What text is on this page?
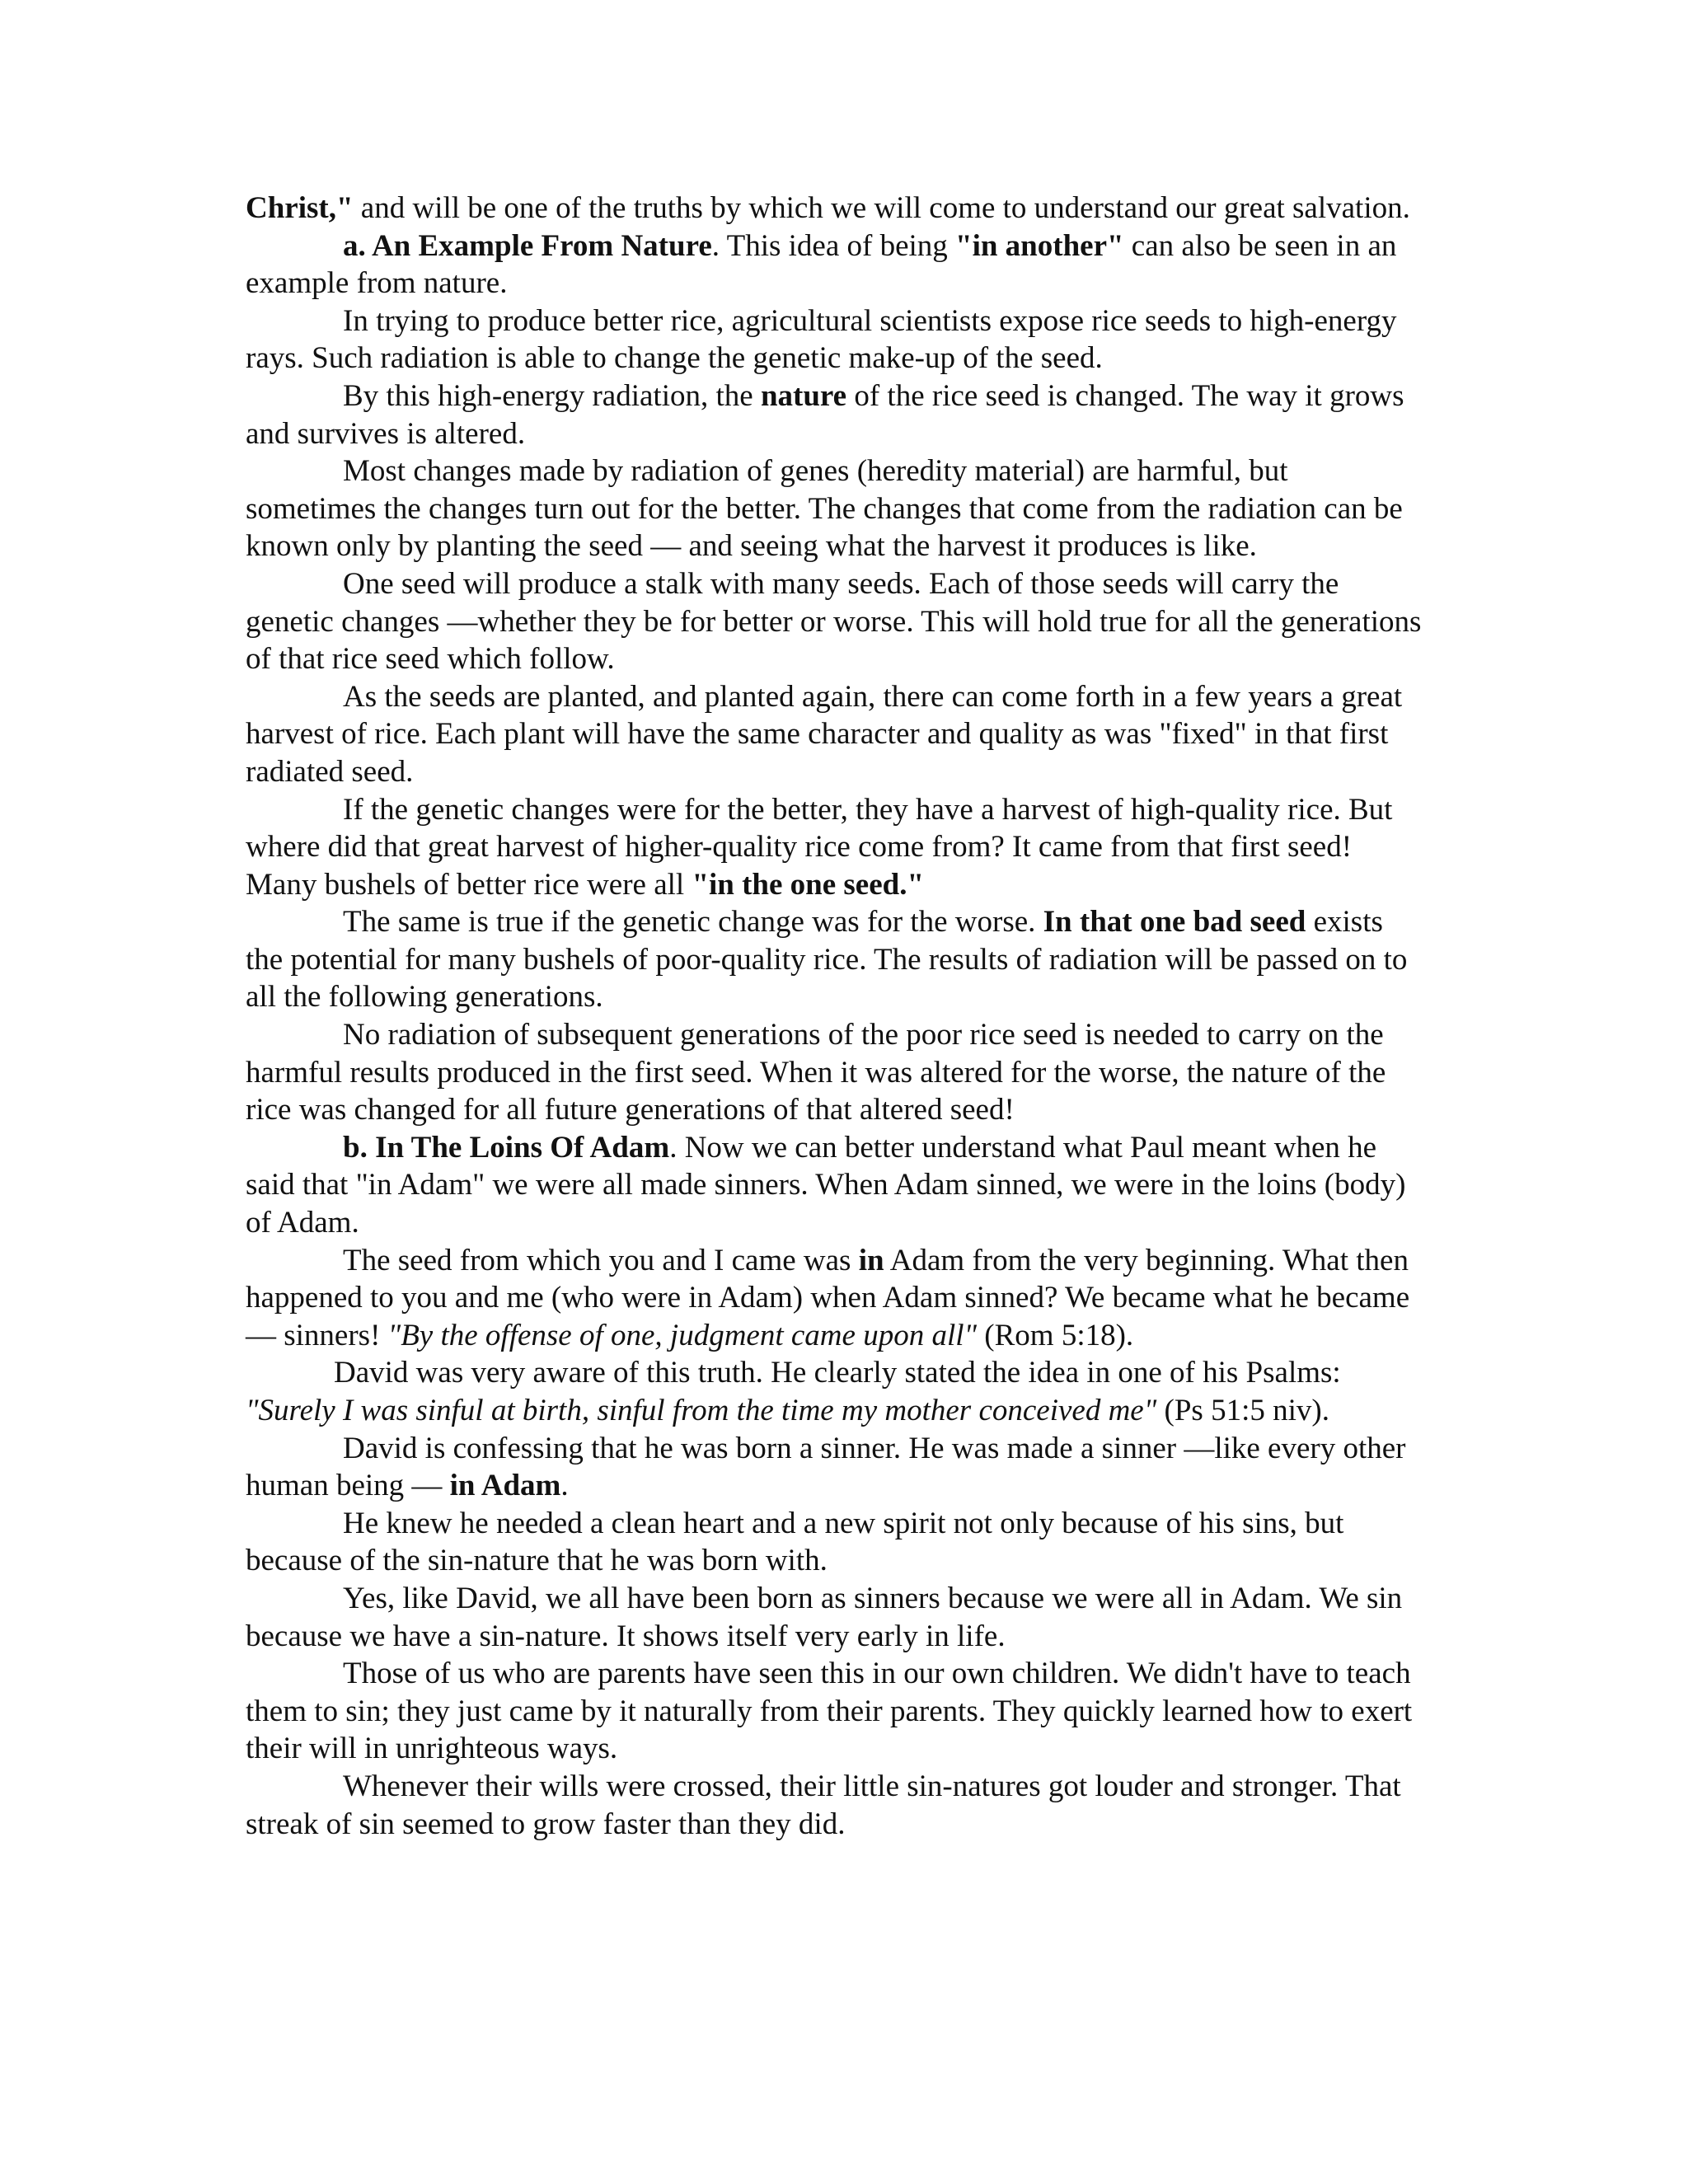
Christ," and will be one of the truths by which we will come to understand our great salvation.

a. An Example From Nature. This idea of being "in another" can also be seen in an example from nature.

In trying to produce better rice, agricultural scientists expose rice seeds to high-energy rays. Such radiation is able to change the genetic make-up of the seed.

By this high-energy radiation, the nature of the rice seed is changed. The way it grows and survives is altered.

Most changes made by radiation of genes (heredity material) are harmful, but sometimes the changes turn out for the better. The changes that come from the radiation can be known only by planting the seed — and seeing what the harvest it produces is like.

One seed will produce a stalk with many seeds. Each of those seeds will carry the genetic changes —whether they be for better or worse. This will hold true for all the generations of that rice seed which follow.

As the seeds are planted, and planted again, there can come forth in a few years a great harvest of rice. Each plant will have the same character and quality as was "fixed" in that first radiated seed.

If the genetic changes were for the better, they have a harvest of high-quality rice. But where did that great harvest of higher-quality rice come from? It came from that first seed! Many bushels of better rice were all "in the one seed."

The same is true if the genetic change was for the worse. In that one bad seed exists the potential for many bushels of poor-quality rice. The results of radiation will be passed on to all the following generations.

No radiation of subsequent generations of the poor rice seed is needed to carry on the harmful results produced in the first seed. When it was altered for the worse, the nature of the rice was changed for all future generations of that altered seed!

b. In The Loins Of Adam. Now we can better understand what Paul meant when he said that "in Adam" we were all made sinners. When Adam sinned, we were in the loins (body) of Adam.

The seed from which you and I came was in Adam from the very beginning. What then happened to you and me (who were in Adam) when Adam sinned? We became what he became — sinners! "By the offense of one, judgment came upon all" (Rom 5:18).

David was very aware of this truth. He clearly stated the idea in one of his Psalms: "Surely I was sinful at birth, sinful from the time my mother conceived me" (Ps 51:5 niv).

David is confessing that he was born a sinner. He was made a sinner —like every other human being — in Adam.

He knew he needed a clean heart and a new spirit not only because of his sins, but because of the sin-nature that he was born with.

Yes, like David, we all have been born as sinners because we were all in Adam. We sin because we have a sin-nature. It shows itself very early in life.

Those of us who are parents have seen this in our own children. We didn't have to teach them to sin; they just came by it naturally from their parents. They quickly learned how to exert their will in unrighteous ways.

Whenever their wills were crossed, their little sin-natures got louder and stronger. That streak of sin seemed to grow faster than they did.
